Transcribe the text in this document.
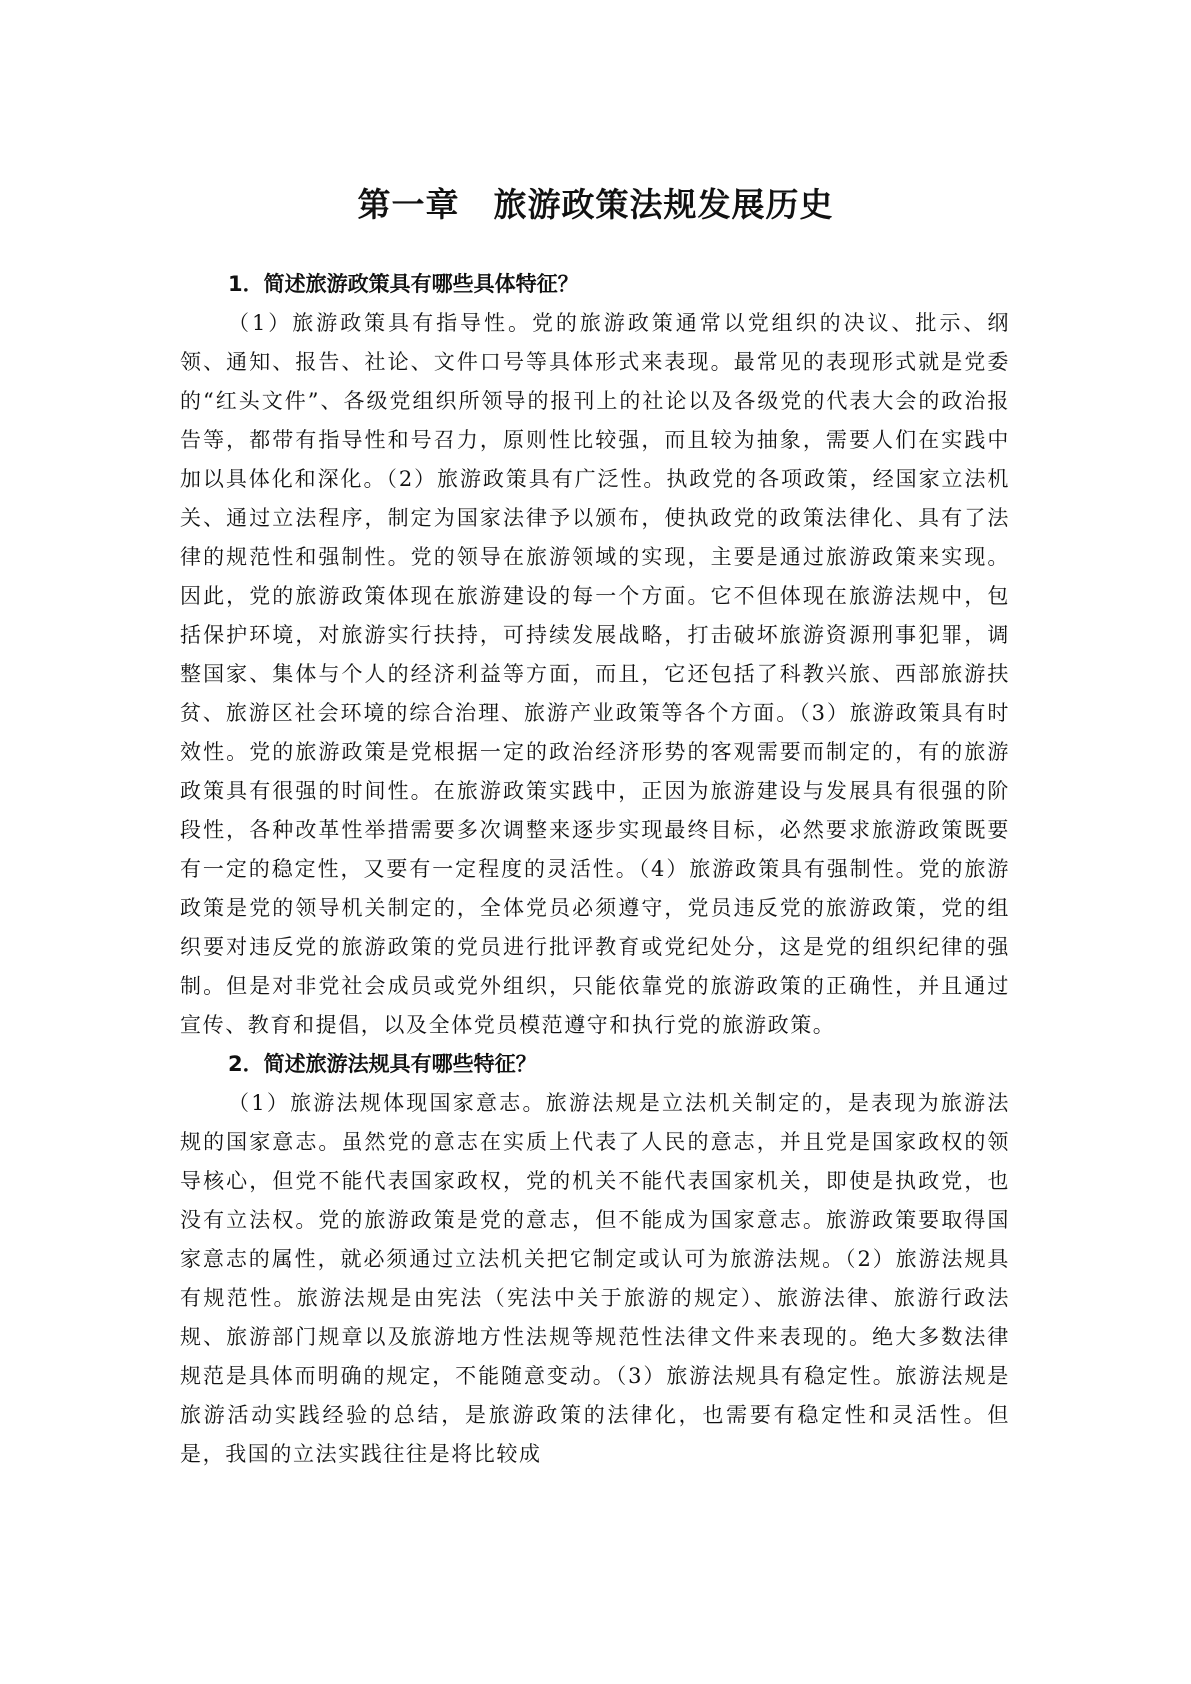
第一章 旅游政策法规发展历史

1．简述旅游政策具有哪些具体特征？

（1）旅游政策具有指导性。党的旅游政策通常以党组织的决议、批示、纲领、通知、报告、社论、文件口号等具体形式来表现。最常见的表现形式就是党委的“红头文件”、各级党组织所领导的报刊上的社论以及各级党的代表大会的政治报告等，都带有指导性和号召力，原则性比较强，而且较为抽象，需要人们在实践中加以具体化和深化。（2）旅游政策具有广泛性。执政党的各项政策，经国家立法机关、通过立法程序，制定为国家法律予以颁布，使执政党的政策法律化、具有了法律的规范性和强制性。党的领导在旅游领域的实现，主要是通过旅游政策来实现。因此，党的旅游政策体现在旅游建设的每一个方面。它不但体现在旅游法规中，包括保护环境，对旅游实行扶持，可持续发展战略，打击破坏旅游资源刑事犯罪，调整国家、集体与个人的经济利益等方面，而且，它还包括了科教兴旅、西部旅游扶贫、旅游区社会环境的综合治理、旅游产业政策等各个方面。（3）旅游政策具有时效性。党的旅游政策是党根据一定的政治经济形势的客观需要而制定的，有的旅游政策具有很强的时间性。在旅游政策实践中，正因为旅游建设与发展具有很强的阶段性，各种改革性举措需要多次调整来逐步实现最终目标，必然要求旅游政策既要有一定的稳定性，又要有一定程度的灵活性。（4）旅游政策具有强制性。党的旅游政策是党的领导机关制定的，全体党员必须遵守，党员违反党的旅游政策，党的组织要对违反党的旅游政策的党员进行批评教育或党纪处分，这是党的组织纪律的强制。但是对非党社会成员或党外组织，只能依靠党的旅游政策的正确性，并且通过宣传、教育和提倡，以及全体党员模范遵守和执行党的旅游政策。

2．简述旅游法规具有哪些特征？

（1）旅游法规体现国家意志。旅游法规是立法机关制定的，是表现为旅游法规的国家意志。虽然党的意志在实质上代表了人民的意志，并且党是国家政权的领导核心，但党不能代表国家政权，党的机关不能代表国家机关，即使是执政党，也没有立法权。党的旅游政策是党的意志，但不能成为国家意志。旅游政策要取得国家意志的属性，就必须通过立法机关把它制定或认可为旅游法规。（2）旅游法规具有规范性。旅游法规是由宪法（宪法中关于旅游的规定）、旅游法律、旅游行政法规、旅游部门规章以及旅游地方性法规等规范性法律文件来表现的。绝大多数法律规范是具体而明确的规定，不能随意变动。（3）旅游法规具有稳定性。旅游法规是旅游活动实践经验的总结，是旅游政策的法律化，也需要有稳定性和灵活性。但是，我国的立法实践往往是将比较成
